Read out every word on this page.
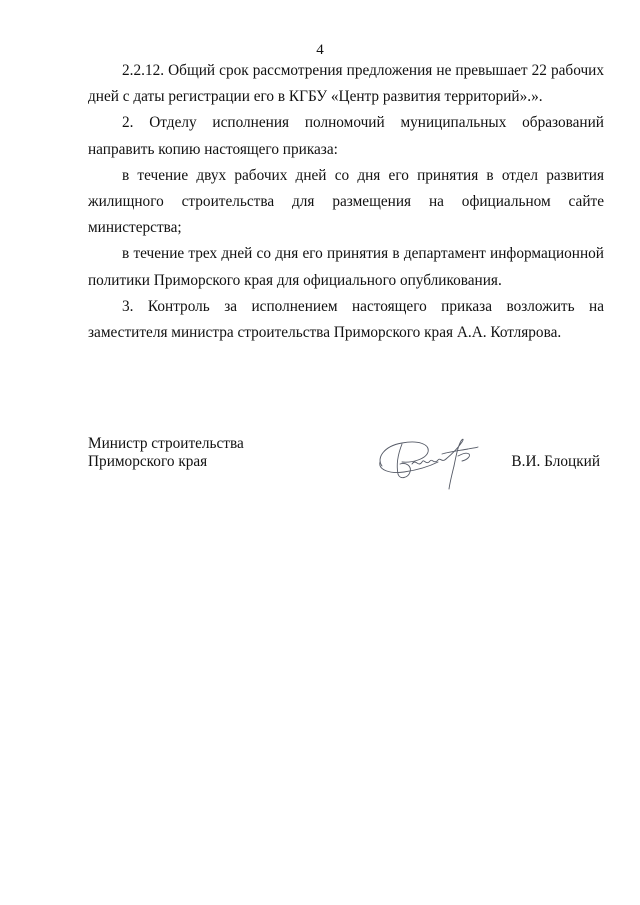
4

2.2.12. Общий срок рассмотрения предложения не превышает 22 рабочих дней с даты регистрации его в КГБУ «Центр развития территорий».».

2. Отделу исполнения полномочий муниципальных образований направить копию настоящего приказа:

в течение двух рабочих дней со дня его принятия в отдел развития жилищного строительства для размещения на официальном сайте министерства;

в течение трех дней со дня его принятия в департамент информационной политики Приморского края для официального опубликования.

3. Контроль за исполнением настоящего приказа возложить на заместителя министра строительства Приморского края А.А. Котлярова.

Министр строительства
Приморского края	В.И. Блоцкий
